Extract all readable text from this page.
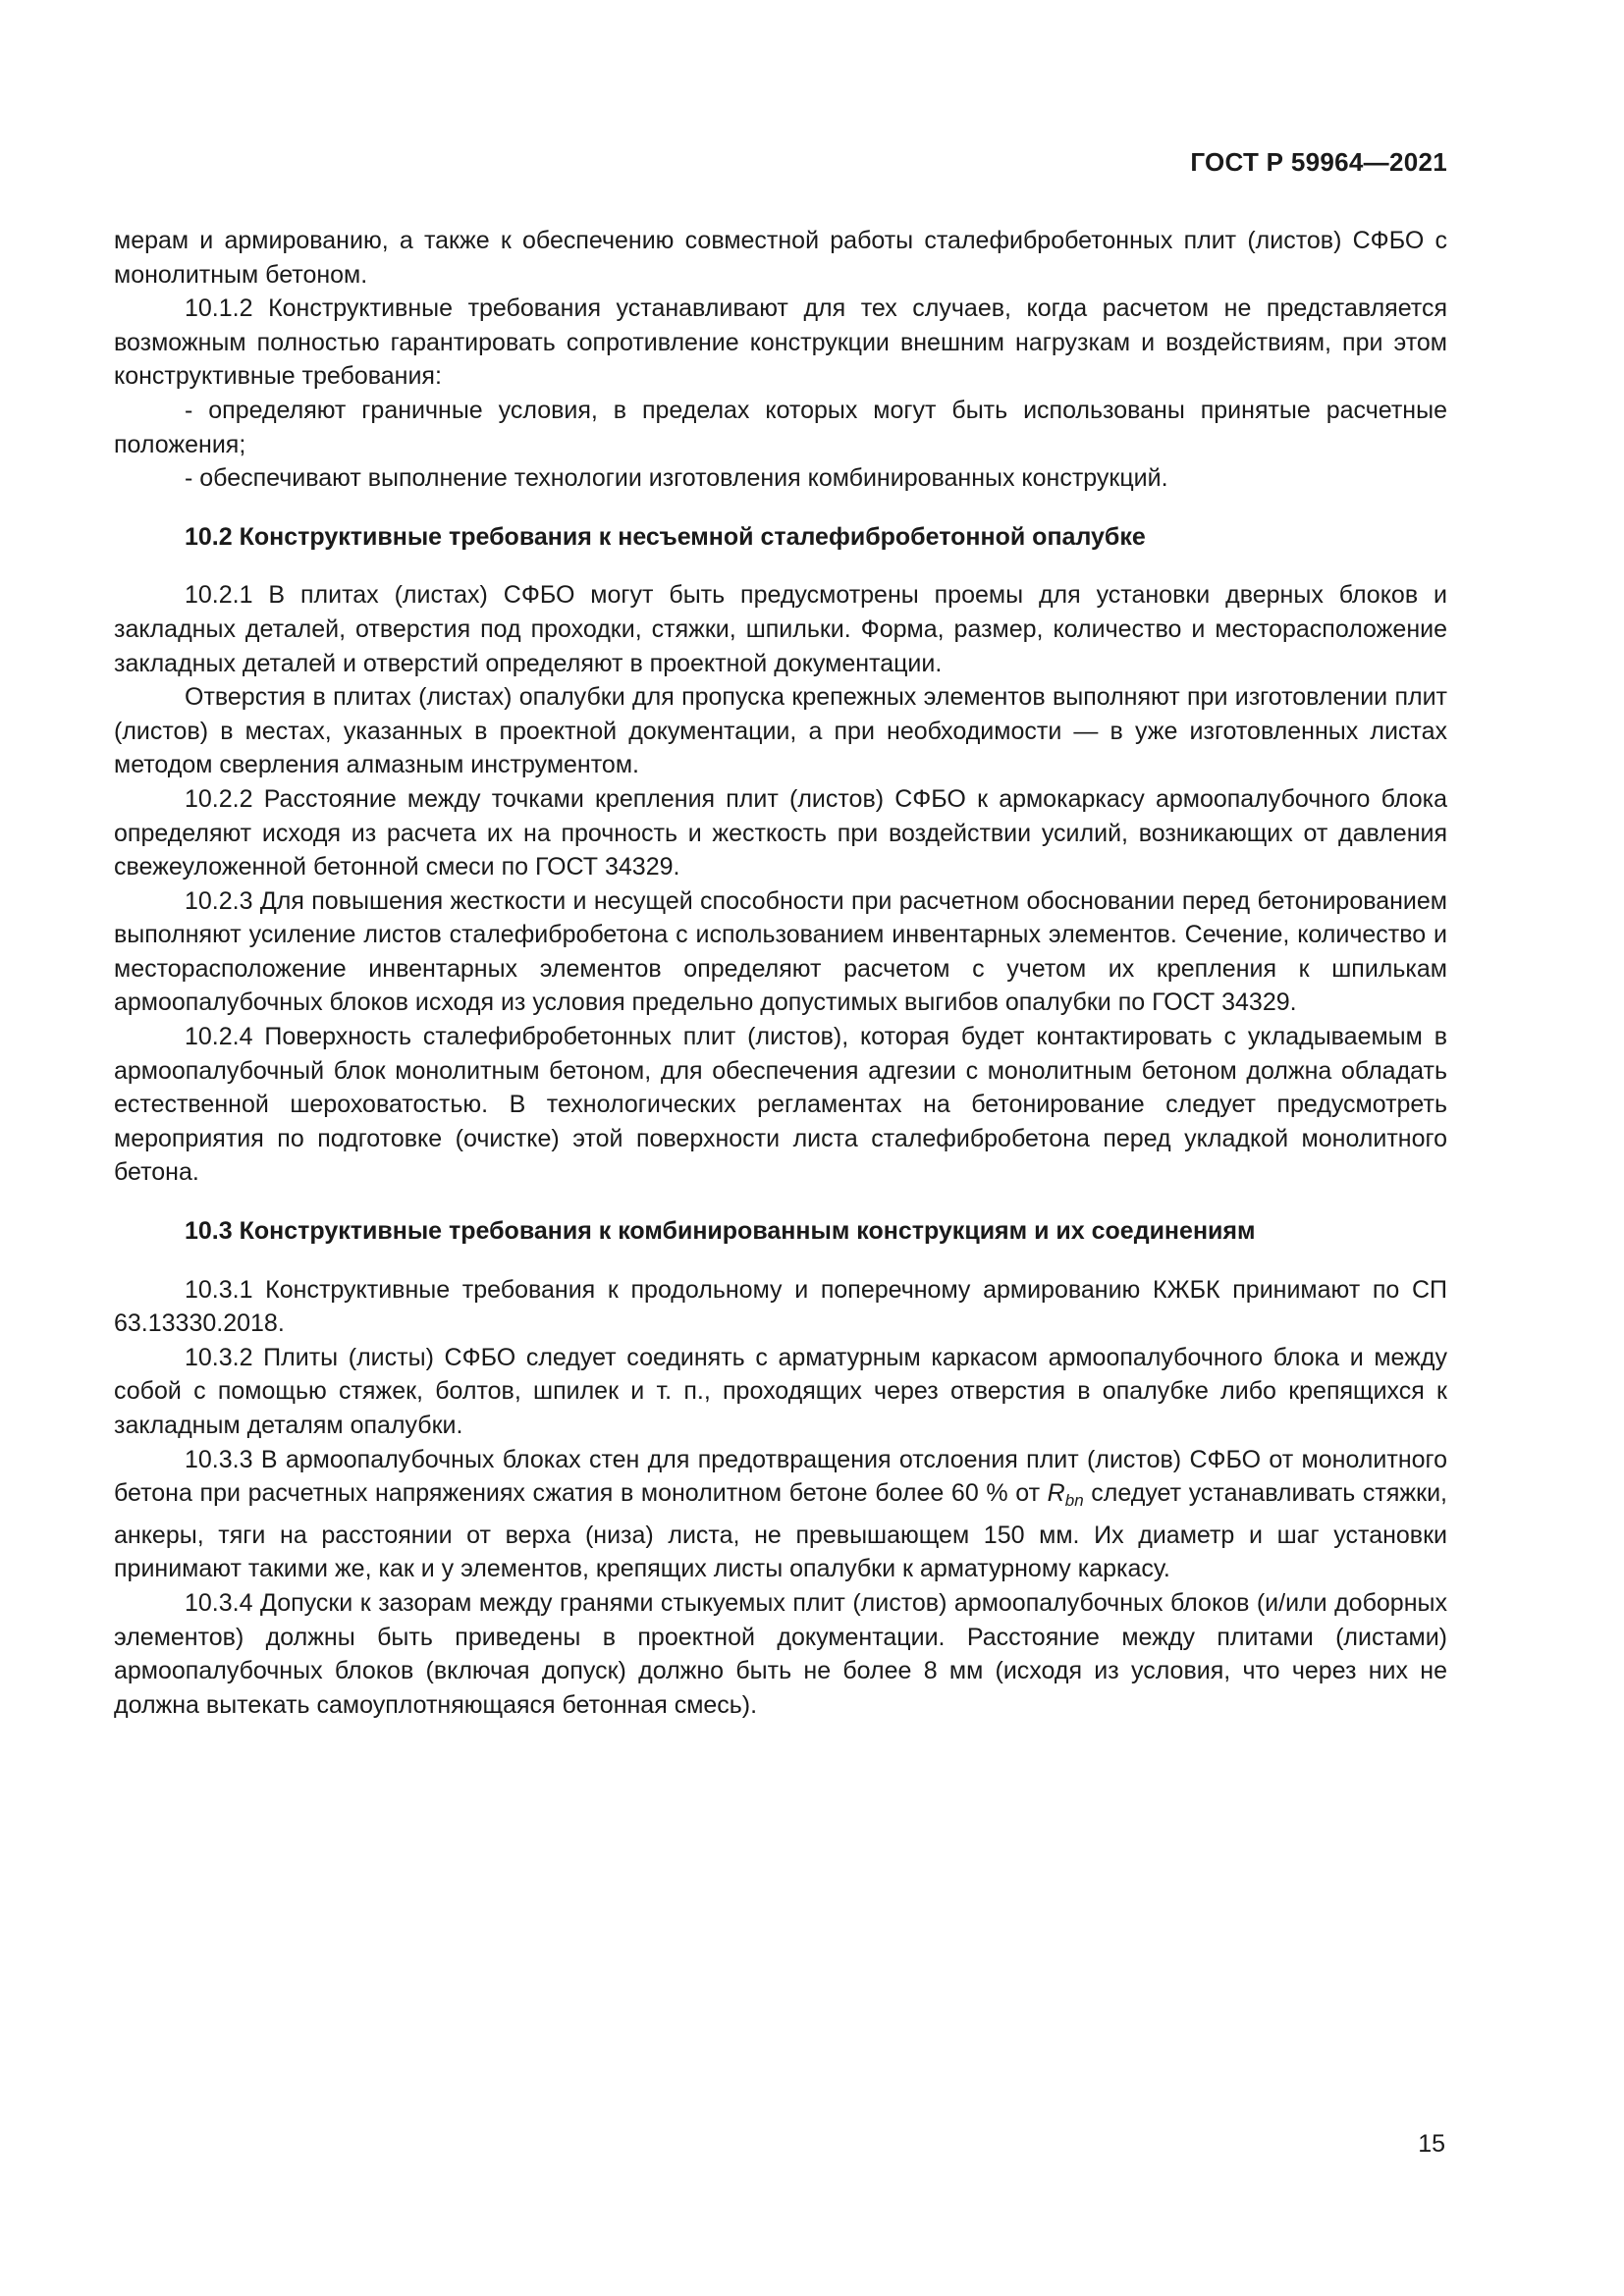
ГОСТ Р 59964—2021

мерам и армированию, а также к обеспечению совместной работы сталефибробетонных плит (листов) СФБО с монолитным бетоном.

10.1.2 Конструктивные требования устанавливают для тех случаев, когда расчетом не представляется возможным полностью гарантировать сопротивление конструкции внешним нагрузкам и воздействиям, при этом конструктивные требования:

- определяют граничные условия, в пределах которых могут быть использованы принятые расчетные положения;

- обеспечивают выполнение технологии изготовления комбинированных конструкций.

10.2 Конструктивные требования к несъемной сталефибробетонной опалубке

10.2.1 В плитах (листах) СФБО могут быть предусмотрены проемы для установки дверных блоков и закладных деталей, отверстия под проходки, стяжки, шпильки. Форма, размер, количество и месторасположение закладных деталей и отверстий определяют в проектной документации.

Отверстия в плитах (листах) опалубки для пропуска крепежных элементов выполняют при изготовлении плит (листов) в местах, указанных в проектной документации, а при необходимости — в уже изготовленных листах методом сверления алмазным инструментом.

10.2.2 Расстояние между точками крепления плит (листов) СФБО к армокаркасу армоопалубочного блока определяют исходя из расчета их на прочность и жесткость при воздействии усилий, возникающих от давления свежеуложенной бетонной смеси по ГОСТ 34329.

10.2.3 Для повышения жесткости и несущей способности при расчетном обосновании перед бетонированием выполняют усиление листов сталефибробетона с использованием инвентарных элементов. Сечение, количество и месторасположение инвентарных элементов определяют расчетом с учетом их крепления к шпилькам армоопалубочных блоков исходя из условия предельно допустимых выгибов опалубки по ГОСТ 34329.

10.2.4 Поверхность сталефибробетонных плит (листов), которая будет контактировать с укладываемым в армоопалубочный блок монолитным бетоном, для обеспечения адгезии с монолитным бетоном должна обладать естественной шероховатостью. В технологических регламентах на бетонирование следует предусмотреть мероприятия по подготовке (очистке) этой поверхности листа сталефибробетона перед укладкой монолитного бетона.

10.3 Конструктивные требования к комбинированным конструкциям и их соединениям

10.3.1 Конструктивные требования к продольному и поперечному армированию КЖБК принимают по СП 63.13330.2018.

10.3.2 Плиты (листы) СФБО следует соединять с арматурным каркасом армоопалубочного блока и между собой с помощью стяжек, болтов, шпилек и т. п., проходящих через отверстия в опалубке либо крепящихся к закладным деталям опалубки.

10.3.3 В армоопалубочных блоках стен для предотвращения отслоения плит (листов) СФБО от монолитного бетона при расчетных напряжениях сжатия в монолитном бетоне более 60 % от $R_{bn}$ следует устанавливать стяжки, анкеры, тяги на расстоянии от верха (низа) листа, не превышающем 150 мм. Их диаметр и шаг установки принимают такими же, как и у элементов, крепящих листы опалубки к арматурному каркасу.

10.3.4 Допуски к зазорам между гранями стыкуемых плит (листов) армоопалубочных блоков (и/или доборных элементов) должны быть приведены в проектной документации. Расстояние между плитами (листами) армоопалубочных блоков (включая допуск) должно быть не более 8 мм (исходя из условия, что через них не должна вытекать самоуплотняющаяся бетонная смесь).

15
